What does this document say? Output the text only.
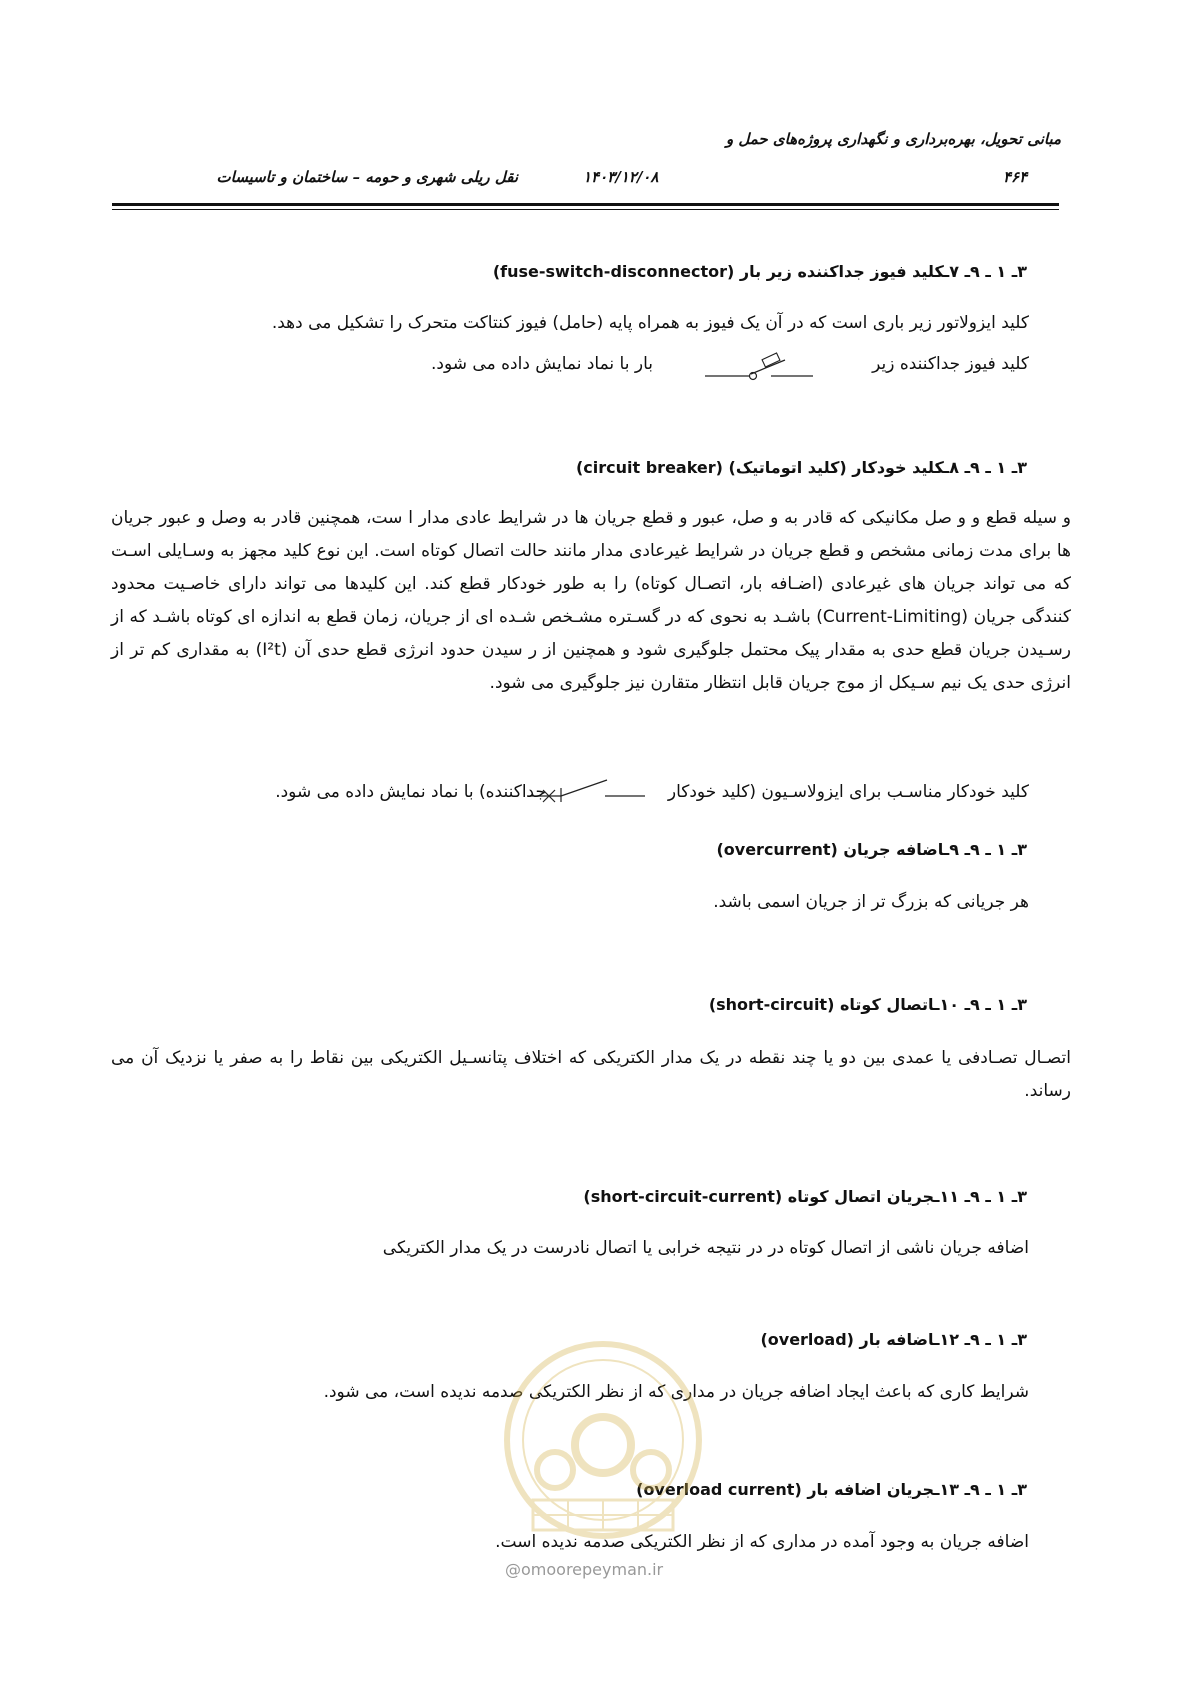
مبانی تحویل، بهره‌برداری و نگهداری پروژه‌های حمل و
نقل ریلی شهری و حومه – ساختمان و تاسیسات	۱۴۰۳/۱۲/۰۸	۴۶۴
۳ـ ۱ ـ ۹ـ ۷ـکلید فیوز جداکننده زیر بار (fuse-switch-disconnector)
کلید ایزولاتور زیر باری است که در آن یک فیوز به همراه پایه (حامل) فیوز کنتاکت متحرک را تشکیل می دهد.
کلید فیوز جداکننده زیر
بار با نماد نمایش داده می شود.
۳ـ ۱ ـ ۹ـ ۸ـکلید خودکار (کلید اتوماتیک) (circuit breaker)
و سیله قطع و و صل مکانیکی که قادر به و صل، عبور و قطع جریان ها در شرایط عادی مدار ا ست، همچنین قادر به وصل و عبور جریان ها برای مدت زمانی مشخص و قطع جریان در شرایط غیرعادی مدار مانند حالت اتصال کوتاه است. این نوع کلید مجهز به وسـایلی اسـت که می تواند جریان های غیرعادی (اضـافه بار، اتصـال کوتاه) را به طور خودکار قطع کند. این کلیدها می تواند دارای خاصـیت محدود کنندگی جریان (Current-Limiting) باشـد به نحوی که در گسـتره مشـخص شـده ای از جریان، زمان قطع به اندازه ای کوتاه باشـد که از رسـیدن جریان قطع حدی به مقدار پیک محتمل جلوگیری شود و همچنین از ر سیدن حدود انرژی قطع حدی آن (I²t) به مقداری کم تر از انرژی حدی یک نیم سـیکل از موج جریان قابل انتظار متقارن نیز جلوگیری می شود.
کلید خودکار مناسـب برای ایزولاسـیون (کلید خودکار
جداکننده) با نماد نمایش داده می شود.
۳ـ ۱ ـ ۹ـ ۹ـاضافه جریان (overcurrent)
هر جریانی که بزرگ تر از جریان اسمی باشد.
۳ـ ۱ ـ ۹ـ ۱۰ـاتصال کوتاه (short-circuit)
اتصـال تصـادفی یا عمدی بین دو یا چند نقطه در یک مدار الکتریکی که اختلاف پتانسـیل الکتریکی بین نقاط را به صفر یا نزدیک آن می رساند.
۳ـ ۱ ـ ۹ـ ۱۱ـجریان اتصال کوتاه (short-circuit-current)
اضافه جریان ناشی از اتصال کوتاه در در نتیجه خرابی یا اتصال نادرست در یک مدار الکتریکی
۳ـ ۱ ـ ۹ـ ۱۲ـاضافه بار (overload)
شرایط کاری که باعث ایجاد اضافه جریان در مداری که از نظر الکتریکی صدمه ندیده است، می شود.
۳ـ ۱ ـ ۹ـ ۱۳ـجریان اضافه بار (overload current)
اضافه جریان به وجود آمده در مداری که از نظر الکتریکی صدمه ندیده است.
@omoorepeyman.ir
